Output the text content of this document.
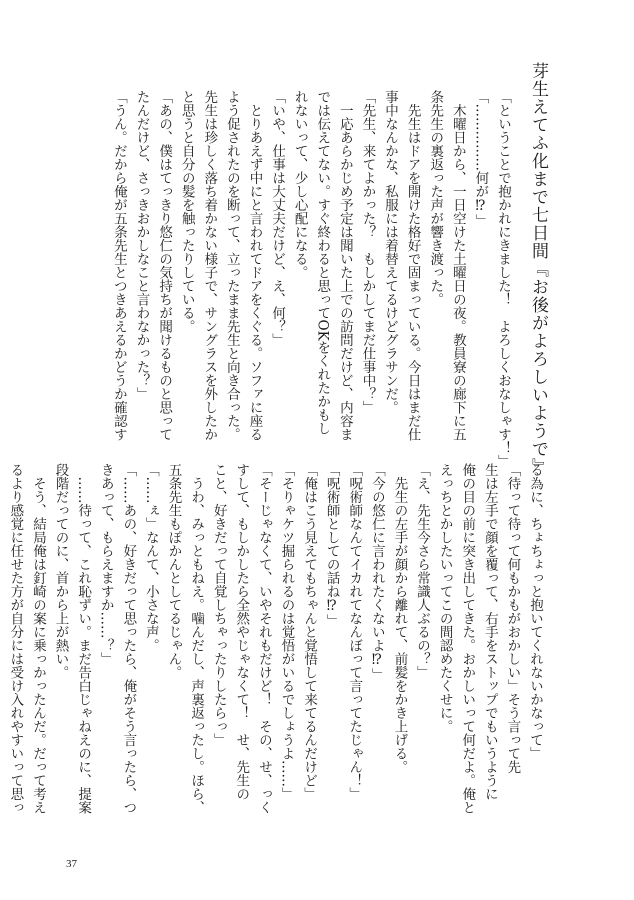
芽生えてふ化まで七日間『お後がよろしいようで』
「ということで抱かれにきました！　よろしくおなしゃす！」
「……………何が⁉︎」
　木曜日から、一日空けた土曜日の夜。教員寮の廊下に五
条先生の裏返った声が響き渡った。
　先生はドアを開けた格好で固まっている。今日はまだ仕
事中なんかな、私服には着替えてるけどグラサンだ。
「先生、来てよかった？　もしかしてまだ仕事中？」
　一応あらかじめ予定は聞いた上での訪問だけど、内容ま
では伝えてない。すぐ終わると思ってOKをくれたかもし
れないって、少し心配になる。
「いや、仕事は大丈夫だけど、え、何？」
　とりあえず中にと言われてドアをくぐる。ソファに座る
よう促されたのを断って、立ったまま先生と向き合った。
先生は珍しく落ち着かない様子で、サングラスを外したか
と思うと自分の髪を触ったりしている。
「あの、僕はてっきり悠仁の気持ちが聞けるものと思って
たんだけど、さっきおかしなこと言わなかった？」
「うん。だから俺が五条先生とつきあえるかどうか確認す
る為に、ちょちょっと抱いてくれないかなって」
「待って待って何もかもがおかしい」そう言って先
生は左手で顔を覆って、右手をストップでもいうように
俺の目の前に突き出してきた。おかしいって何だよ。俺と
えっちとかしたいってこの間認めたくせに。
「え、先生今さら常識人ぶるの？」
　先生の左手が顔から離れて、前髪をかき上げる。
「今の悠仁に言われたくないよ⁉︎」
「呪術師なんてイカれてなんぼって言ってたじゃん！」
「呪術師としての話ね⁉︎」
「俺はこう見えてもちゃんと覚悟して来てるんだけど」
「そりゃケツ掘られるのは覚悟がいるでしょうよ……」
「そーじゃなくて、いやそれもだけど！　その、せ、っく
すして、もしかしたら全然やじゃなくて！　せ、先生の
こと、好きだって自覚しちゃったりしたらっ」
　うわ、みっともねえ。噛んだし、声裏返ったし。ほら、
五条先生もぽかんとしてるじゃん。
「……ぇ」なんて、小さな声。
「……あの、好きだって思ったら、俺がそう言ったら、つ
きあって、もらえますか……？」
　……待って、これ恥ずい。まだ告白じゃねえのに、提案
段階だってのに、首から上が熱い。
　そう、結局俺は釘崎の案に乗っかったんだ。だって考え
るより感覚に任せた方が自分には受け入れやすいって思っ
37
